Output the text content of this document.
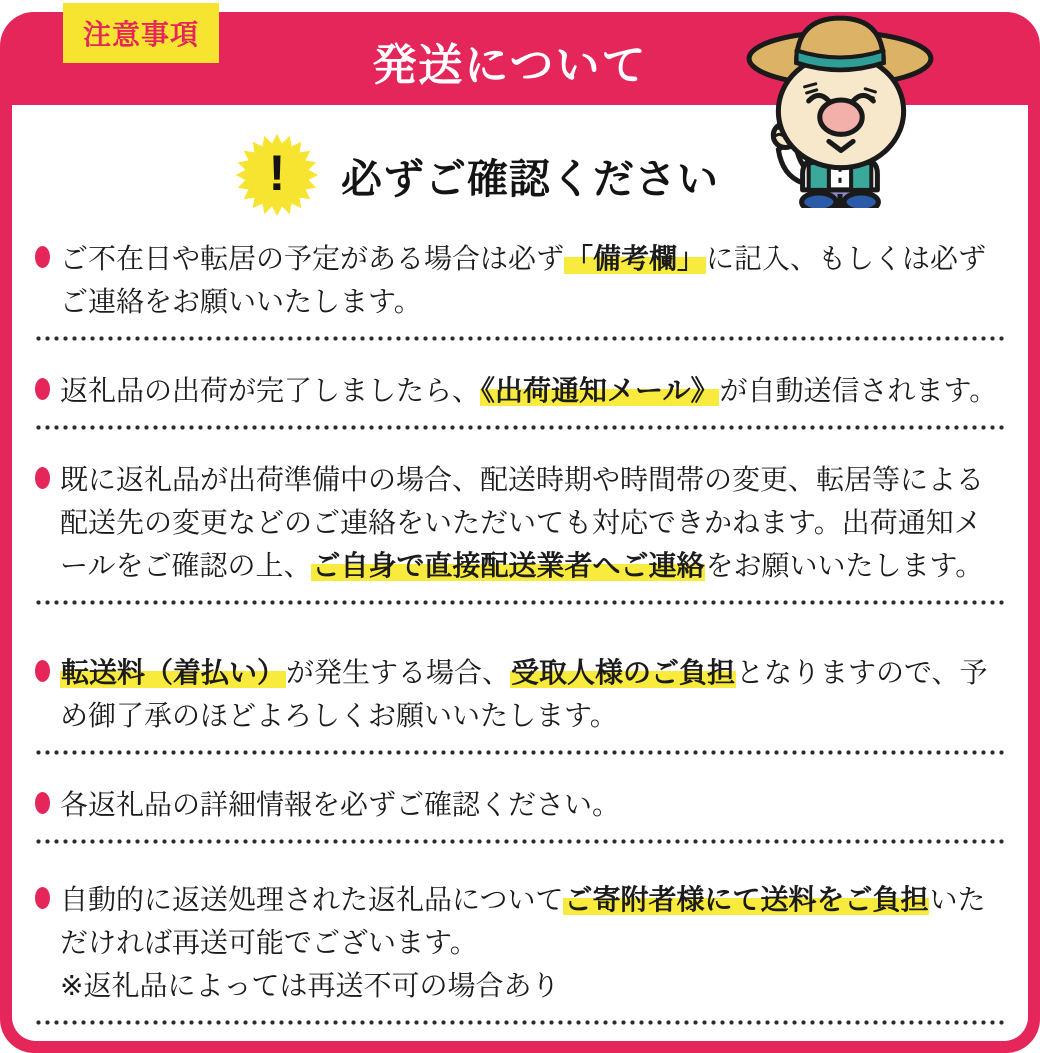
注意事項
発送について
!	必ずご確認ください

ご不在日や転居の予定がある場合は必ず「備考欄」に記入、もしくは必ずご連絡をお願いいたします。

返礼品の出荷が完了しましたら、《出荷通知メール》が自動送信されます。

既に返礼品が出荷準備中の場合、配送時期や時間帯の変更、転居等による配送先の変更などのご連絡をいただいても対応できかねます。出荷通知メールをご確認の上、ご自身で直接配送業者へご連絡をお願いいたします。

転送料（着払い）が発生する場合、受取人様のご負担となりますので、予め御了承のほどよろしくお願いいたします。

各返礼品の詳細情報を必ずご確認ください。

自動的に返送処理された返礼品についてご寄附者様にて送料をご負担いただければ再送可能でございます。
※返礼品によっては再送不可の場合あり
